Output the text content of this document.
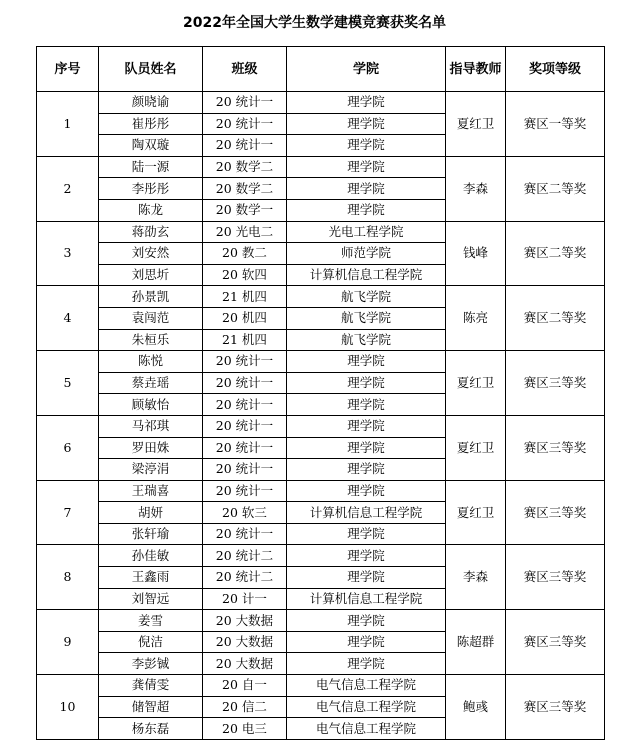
2022年全国大学生数学建模竞赛获奖名单
序号	队员姓名	班级	学院	指导教师	奖项等级
1	颜晓谕	20 统计一	理学院	夏红卫	赛区一等奖
	崔彤彤	20 统计一	理学院		
	陶双璇	20 统计一	理学院		
2	陆一源	20 数学二	理学院	李森	赛区二等奖
	李彤彤	20 数学二	理学院		
	陈龙	20 数学一	理学院		
3	蒋劭玄	20 光电二	光电工程学院	钱峰	赛区二等奖
	刘安然	20 教二	师范学院		
	刘思圻	20 软四	计算机信息工程学院		
4	孙景凯	21 机四	航飞学院	陈亮	赛区二等奖
	袁闯范	20 机四	航飞学院		
	朱桓乐	21 机四	航飞学院		
5	陈悦	20 统计一	理学院	夏红卫	赛区三等奖
	蔡垚瑶	20 统计一	理学院		
	顾敏怡	20 统计一	理学院		
6	马祁琪	20 统计一	理学院	夏红卫	赛区三等奖
	罗田姝	20 统计一	理学院		
	梁渟涓	20 统计一	理学院		
7	王瑞喜	20 统计一	理学院	夏红卫	赛区三等奖
	胡妍	20 软三	计算机信息工程学院		
	张轩瑜	20 统计一	理学院		
8	孙佳敏	20 统计二	理学院	李森	赛区三等奖
	王鑫雨	20 统计二	理学院		
	刘智远	20 计一	计算机信息工程学院		
9	姜雪	20 大数据	理学院	陈超群	赛区三等奖
	倪洁	20 大数据	理学院		
	李彭铖	20 大数据	理学院		
10	龚倩雯	20 自一	电气信息工程学院	鲍彧	赛区三等奖
	储智超	20 信二	电气信息工程学院		
	杨东磊	20 电三	电气信息工程学院		
